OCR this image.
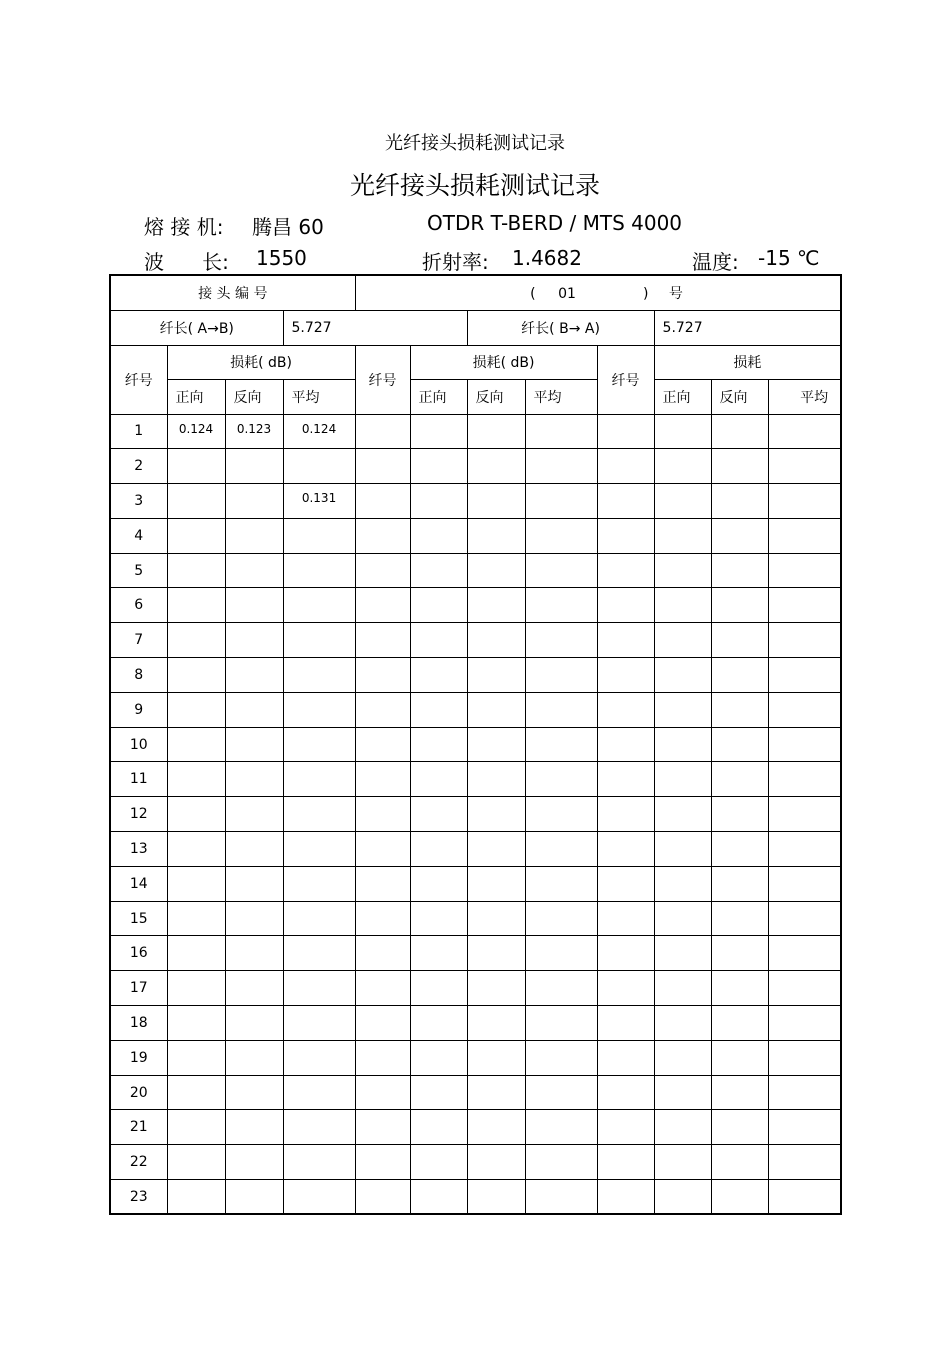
光纤接头损耗测试记录
光纤接头损耗测试记录
熔 接 机: 腾昌 60	OTDR T-BERD / MTS 4000
波      长: 1550	折射率: 1.4682	温度: -15 ℃
接 头 编 号				( 01 ) 号							
纤长( A→B)			5.727			纤长( B→ A)			5.727		
纤号	损耗( dB)			纤号	损耗( dB)			纤号	损耗		
	正向	反向	平均		正向	反向	平均		正向	反向	平均
1	0.124	0.123	0.124								
2											
3			0.131								
4											
5											
6											
7											
8											
9											
10											
11											
12											
13											
14											
15											
16											
17											
18											
19											
20											
21											
22											
23											
